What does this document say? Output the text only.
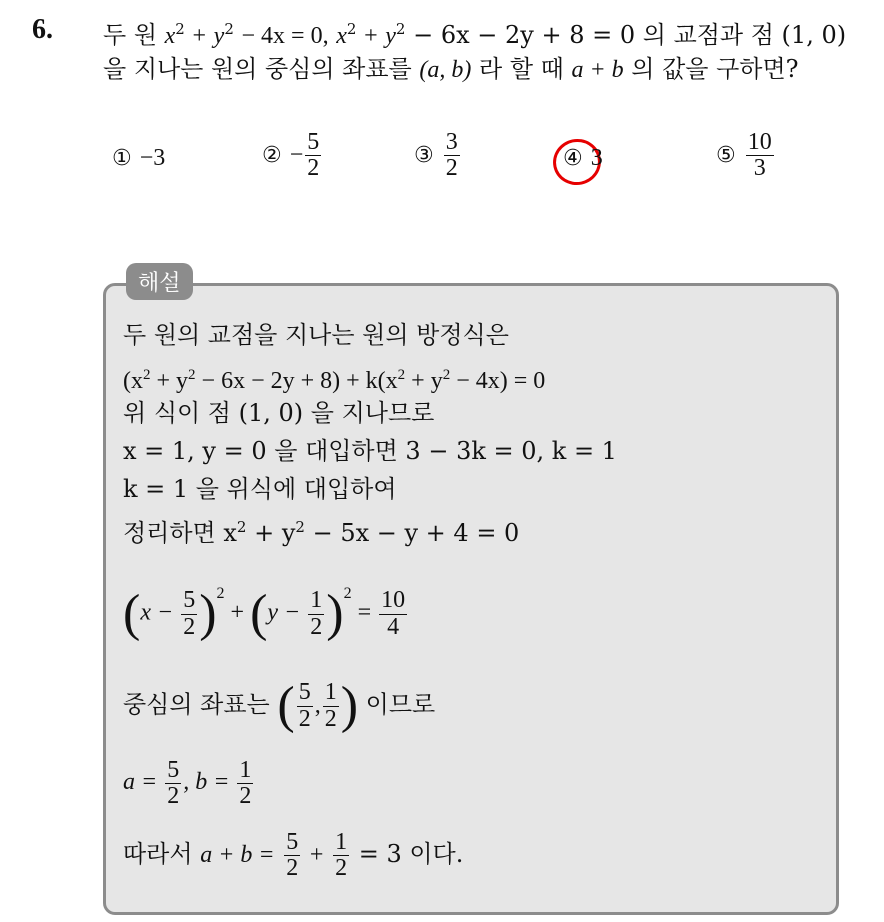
6. 두 원 $x^2 + y^2 - 4x = 0$, $x^2 + y^2 - 6x - 2y + 8 = 0$ 의 교점과 점 (1, 0)
을 지나는 원의 중심의 좌표를 (a, b) 라 할 때 a + b 의 값을 구하면?
① −3	② − $\frac{5}{2}$	③ $\frac{3}{2}$	④ 3	⑤ $\frac{10}{3}$
해설
두 원의 교점을 지나는 원의 방정식은
$(x^2 + y^2 - 6x - 2y + 8) + k(x^2 + y^2 - 4x) = 0$
위 식이 점 (1, 0) 을 지나므로
x = 1, y = 0 을 대입하면 3 − 3k = 0, k = 1
k = 1 을 위식에 대입하여
정리하면 $x^2 + y^2 - 5x - y + 4 = 0$
$(x - \frac{5}{2} )^2 + (y - \frac{1}{2} )^2 = \frac{10}{4}$
중심의 좌표는 ( $\frac{5}{2}$ , $\frac{1}{2}$ ) 이므로
$a = \frac{5}{2}$ , $b = \frac{1}{2}$
따라서 $a + b = \frac{5}{2} + \frac{1}{2} = 3$ 이다.
